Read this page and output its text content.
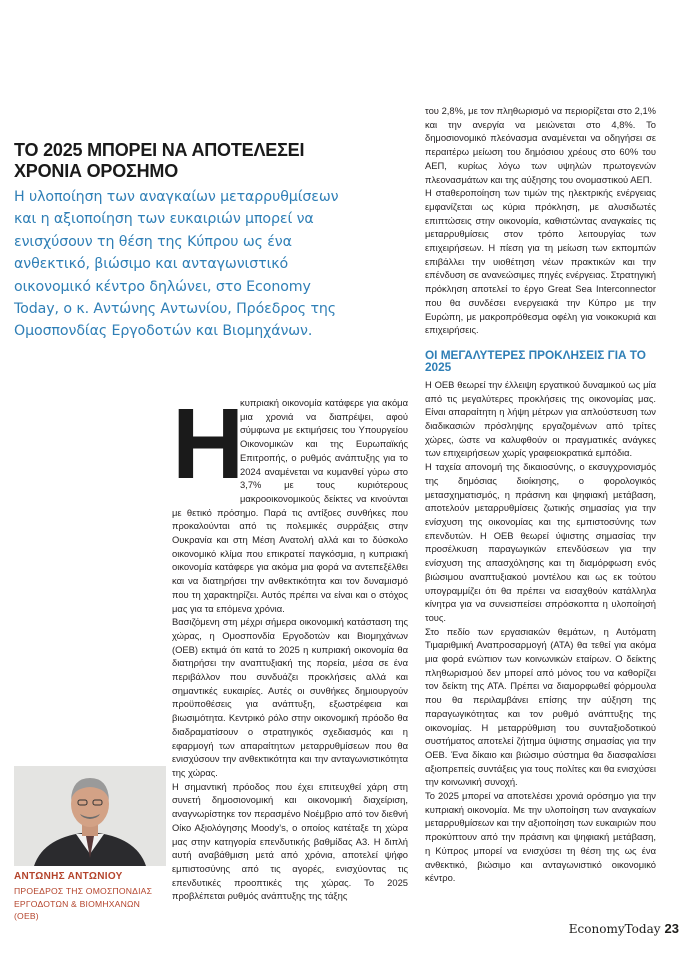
ΤΟ 2025 ΜΠΟΡΕΙ ΝΑ ΑΠΟΤΕΛΕΣΕΙ ΧΡΟΝΙΑ ΟΡΟΣΗΜΟ
Η υλοποίηση των αναγκαίων μεταρρυθμίσεων και η αξιοποίηση των ευκαιριών μπορεί να ενισχύσουν τη θέση της Κύπρου ως ένα ανθεκτικό, βιώσιμο και ανταγωνιστικό οικονομικό κέντρο δηλώνει, στο Economy Today, ο κ. Αντώνης Αντωνίου, Πρόεδρος της Ομοσπονδίας Εργοδοτών και Βιομηχάνων.
Η

κυπριακή οικονομία κατάφερε για ακόμα μια χρονιά να διαπρέψει, αφού σύμφωνα με εκτιμήσεις του Υπουργείου Οικονομικών και της Ευρωπαϊκής Επιτροπής, ο ρυθμός ανάπτυξης για το 2024 αναμένεται να κυμανθεί γύρω στο 3,7% με τους κυριότερους μακροοικονομικούς δείκτες να κινούνται με θετικό πρόσημο. Παρά τις αντίξοες συνθήκες που προκαλούνται από τις πολεμικές συρράξεις στην Ουκρανία και στη Μέση Ανατολή αλλά και το δύσκολο οικονομικό κλίμα που επικρατεί παγκόσμια, η κυπριακή οικονομία κατάφερε για ακόμα μια φορά να αντεπεξέλθει και να διατηρήσει την ανθεκτικότητα και τον δυναμισμό που τη χαρακτηρίζει. Αυτός πρέπει να είναι και ο στόχος μας για τα επόμενα χρόνια.

Βασιζόμενη στη μέχρι σήμερα οικονομική κατάσταση της χώρας, η Ομοσπονδία Εργοδοτών και Βιομηχάνων (ΟΕΒ) εκτιμά ότι κατά το 2025 η κυπριακή οικονομία θα διατηρήσει την αναπτυξιακή της πορεία, μέσα σε ένα περιβάλλον που συνδυάζει προκλήσεις αλλά και σημαντικές ευκαιρίες. Αυτές οι συνθήκες δημιουργούν προϋποθέσεις για ανάπτυξη, εξωστρέφεια και βιωσιμότητα. Κεντρικό ρόλο στην οικονομική πρόοδο θα διαδραματίσουν ο στρατηγικός σχεδιασμός και η εφαρμογή των απαραίτητων μεταρρυθμίσεων που θα ενισχύσουν την ανθεκτικότητα και την ανταγωνιστικότητα της χώρας.

Η σημαντική πρόοδος που έχει επιτευχθεί χάρη στη συνετή δημοσιονομική και οικονομική διαχείριση, αναγνωρίστηκε τον περασμένο Νοέμβριο από τον διεθνή Οίκο Αξιολόγησης Moody’s, ο οποίος κατέταξε τη χώρα μας στην κατηγορία επενδυτικής βαθμίδας Α3. Η διπλή αυτή αναβάθμιση μετά από χρόνια, αποτελεί ψήφο εμπιστοσύνης από τις αγορές, ενισχύοντας τις επενδυτικές προοπτικές της χώρας. Το 2025 προβλέπεται ρυθμός ανάπτυξης της τάξης

του 2,8%, με τον πληθωρισμό να περιορίζεται στο 2,1% και την ανεργία να μειώνεται στο 4,8%. Το δημοσιονομικό πλεόνασμα αναμένεται να οδηγήσει σε περαιτέρω μείωση του δημόσιου χρέους στο 60% του ΑΕΠ, κυρίως λόγω των υψηλών πρωτογενών πλεονασμάτων και της αύξησης του ονομαστικού ΑΕΠ.

Η σταθεροποίηση των τιμών της ηλεκτρικής ενέργειας εμφανίζεται ως κύρια πρόκληση, με αλυσιδωτές επιπτώσεις στην οικονομία, καθιστώντας αναγκαίες τις μεταρρυθμίσεις στον τρόπο λειτουργίας των επιχειρήσεων. Η πίεση για τη μείωση των εκπομπών επιβάλλει την υιοθέτηση νέων πρακτικών και την επένδυση σε ανανεώσιμες πηγές ενέργειας. Στρατηγική πρόκληση αποτελεί το έργο Great Sea Interconnector που θα συνδέσει ενεργειακά την Κύπρο με την Ευρώπη, με μακροπρόθεσμα οφέλη για νοικοκυριά και επιχειρήσεις.

ΟΙ ΜΕΓΑΛΥΤΕΡΕΣ ΠΡΟΚΛΗΣΕΙΣ ΓΙΑ ΤΟ 2025

Η ΟΕΒ θεωρεί την έλλειψη εργατικού δυναμικού ως μία από τις μεγαλύτερες προκλήσεις της οικονομίας μας. Είναι απαραίτητη η λήψη μέτρων για απλούστευση των διαδικασιών πρόσληψης εργαζομένων από τρίτες χώρες, ώστε να καλυφθούν οι πραγματικές ανάγκες των επιχειρήσεων χωρίς γραφειοκρατικά εμπόδια.

Η ταχεία απονομή της δικαιοσύνης, ο εκσυγχρονισμός της δημόσιας διοίκησης, ο φορολογικός μετασχηματισμός, η πράσινη και ψηφιακή μετάβαση, αποτελούν μεταρρυθμίσεις ζωτικής σημασίας για την ενίσχυση της οικονομίας και της εμπιστοσύνης των επενδυτών. Η ΟΕΒ θεωρεί ύψιστης σημασίας την προσέλκυση παραγωγικών επενδύσεων για την ενίσχυση της απασχόλησης και τη διαμόρφωση ενός βιώσιμου αναπτυξιακού μοντέλου και ως εκ τούτου υπογραμμίζει ότι θα πρέπει να εισαχθούν κατάλληλα κίνητρα για να συνεισπείσει σπρόσκοπτα η υλοποίησή τους.

Στο πεδίο των εργασιακών θεμάτων, η Αυτόματη Τιμαριθμική Αναπροσαρμογή (ΑΤΑ) θα τεθεί για ακόμα μια φορά ενώπιον των κοινωνικών εταίρων. Ο δείκτης πληθωρισμού δεν μπορεί από μόνος του να καθορίζει τον δείκτη της ΑΤΑ. Πρέπει να διαμορφωθεί φόρμουλα που θα περιλαμβάνει επίσης την αύξηση της παραγωγικότητας και τον ρυθμό ανάπτυξης της οικονομίας. Η μεταρρύθμιση του συνταξιοδοτικού συστήματος αποτελεί ζήτημα ύψιστης σημασίας για την ΟΕΒ. Ένα δίκαιο και βιώσιμο σύστημα θα διασφαλίσει αξιοπρεπείς συντάξεις για τους πολίτες και θα ενισχύσει την κοινωνική συνοχή.

Το 2025 μπορεί να αποτελέσει χρονιά ορόσημο για την κυπριακή οικονομία. Με την υλοποίηση των αναγκαίων μεταρρυθμίσεων και την αξιοποίηση των ευκαιριών που προκύπτουν από την πράσινη και ψηφιακή μετάβαση, η Κύπρος μπορεί να ενισχύσει τη θέση της ως ένα ανθεκτικό, βιώσιμο και ανταγωνιστικό οικονομικό κέντρο.

ΑΝΤΩΝΗΣ ΑΝΤΩΝΙΟΥ
ΠΡΟΕΔΡΟΣ ΤΗΣ ΟΜΟΣΠΟΝΔΙΑΣ ΕΡΓΟΔΟΤΩΝ & ΒΙΟΜΗΧΑΝΩΝ (ΟΕΒ)
EconomyToday 23
